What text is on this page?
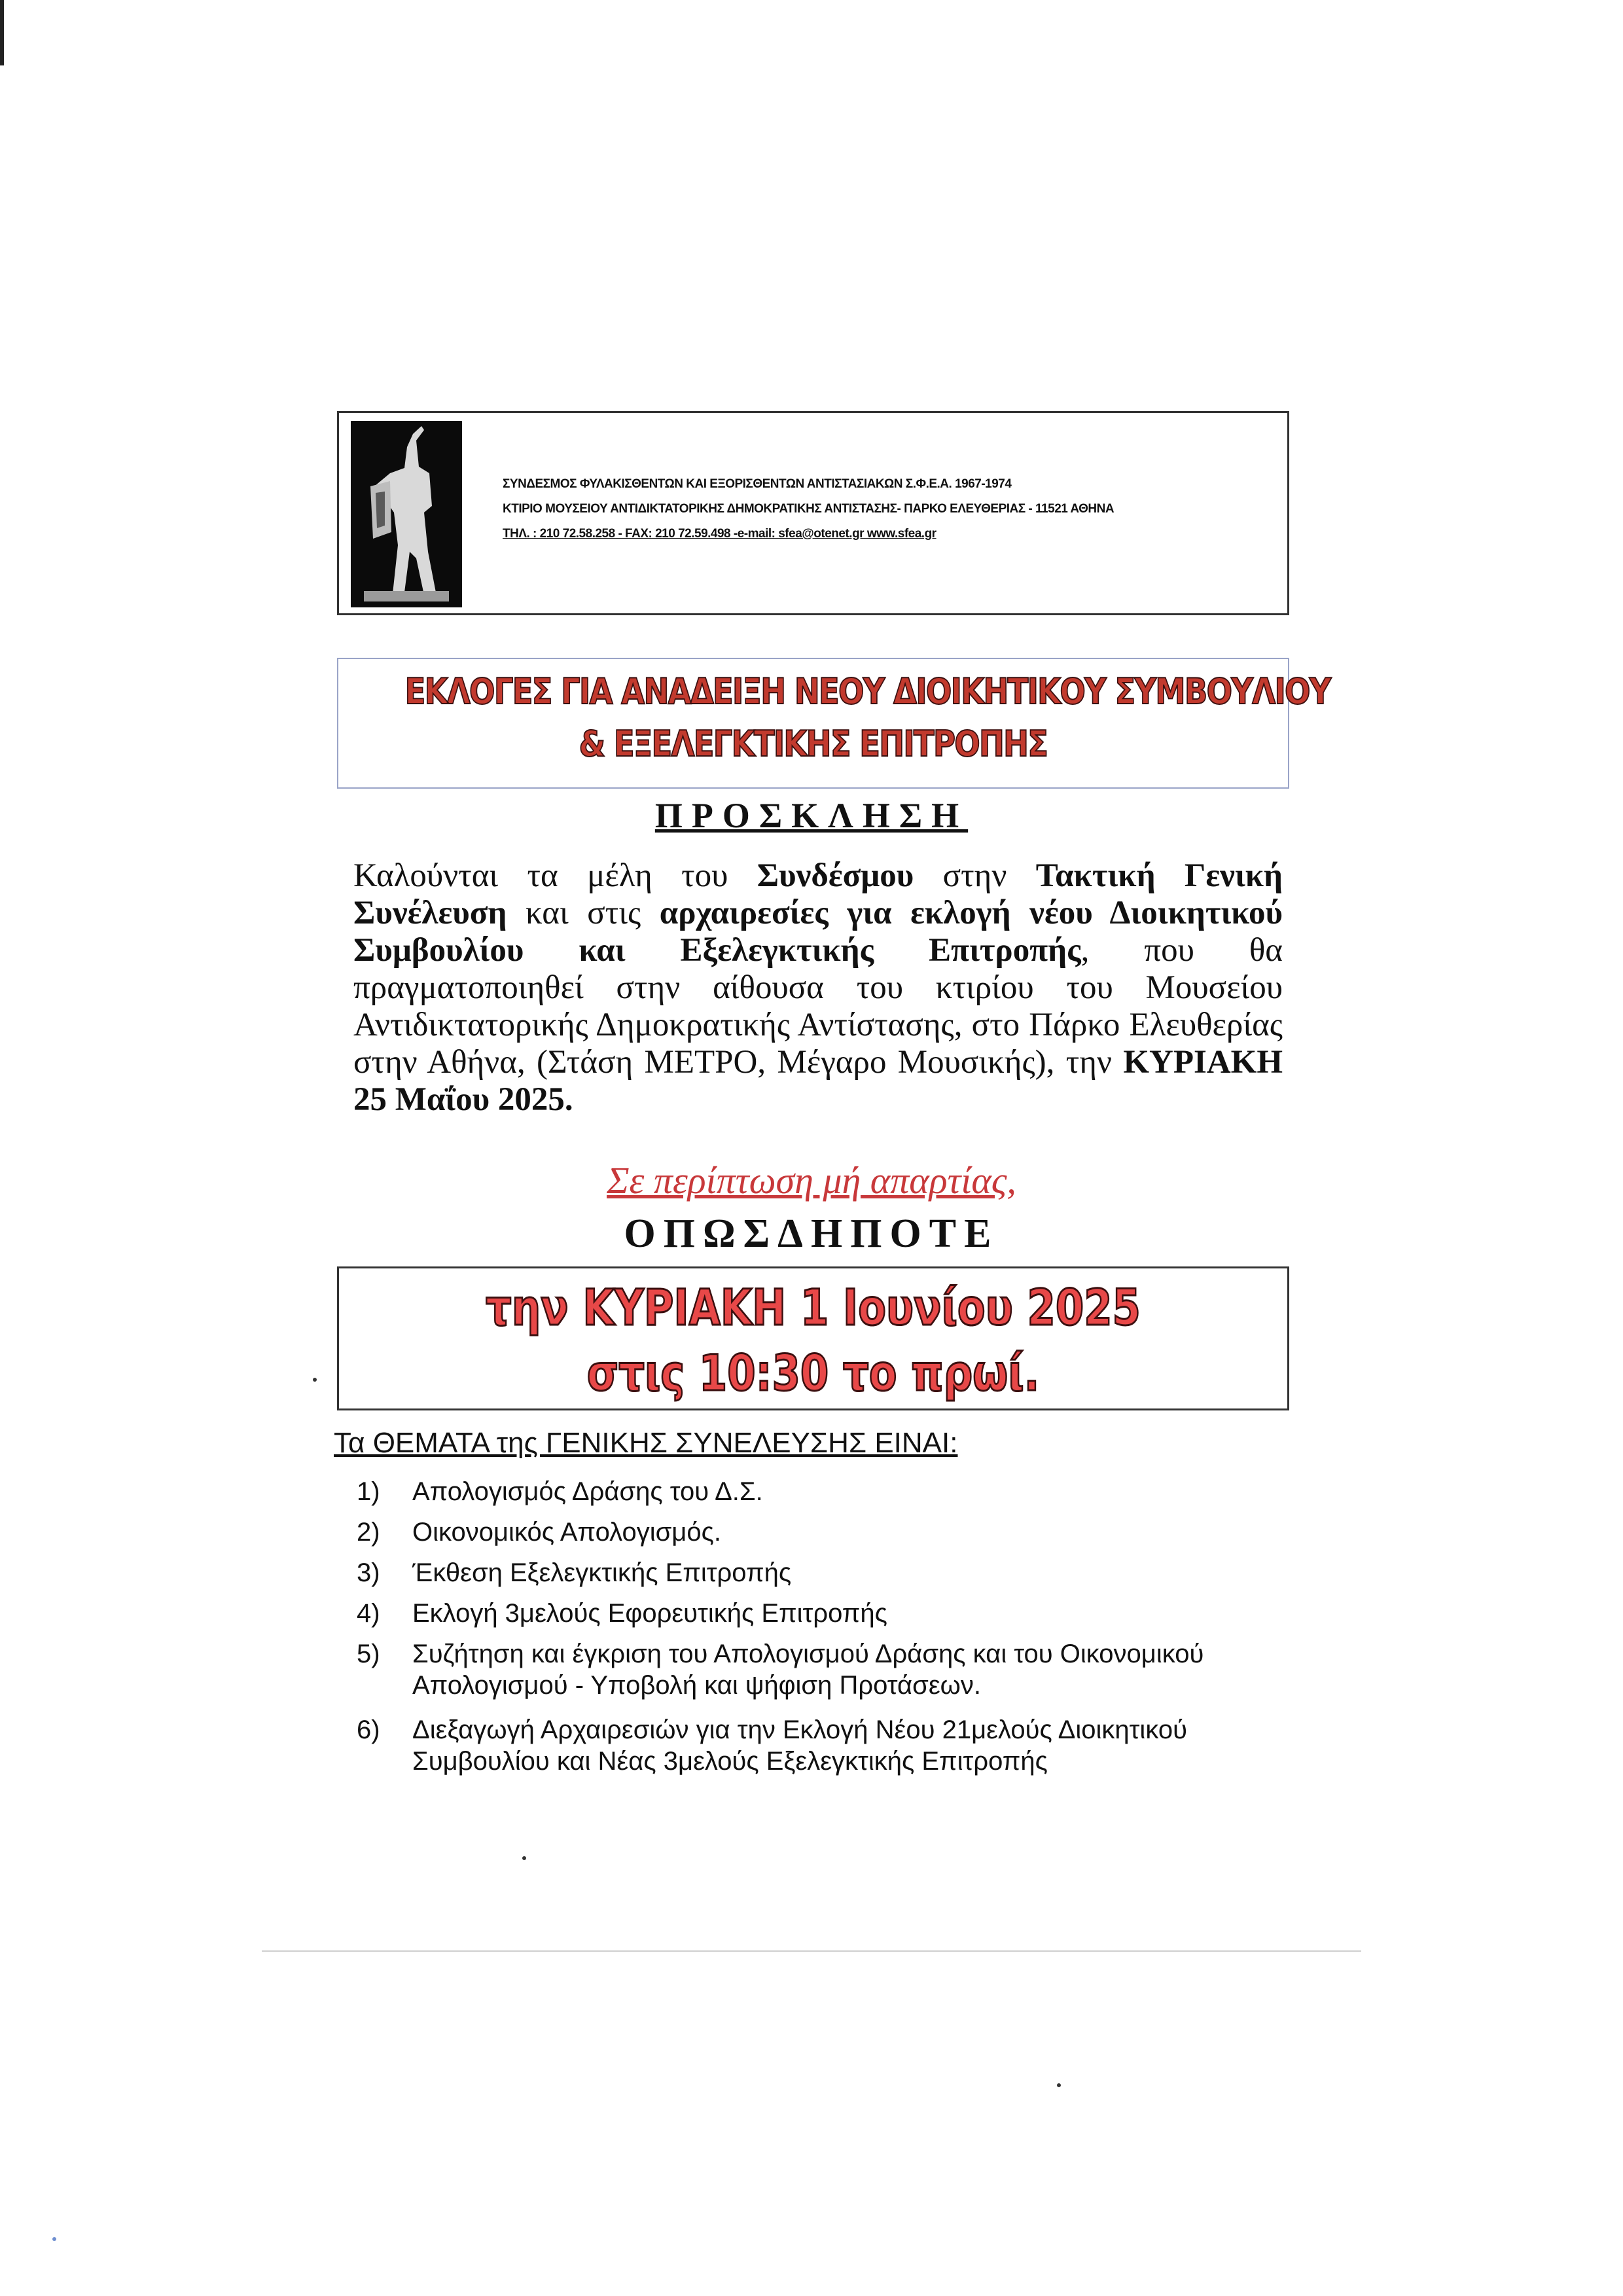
ΣΥΝΔΕΣΜΟΣ ΦΥΛΑΚΙΣΘΕΝΤΩΝ ΚΑΙ ΕΞΟΡΙΣΘΕΝΤΩΝ ΑΝΤΙΣΤΑΣΙΑΚΩΝ Σ.Φ.Ε.Α. 1967-1974
ΚΤΙΡΙΟ ΜΟΥΣΕΙΟΥ ΑΝΤΙΔΙΚΤΑΤΟΡΙΚΗΣ ΔΗΜΟΚΡΑΤΙΚΗΣ ΑΝΤΙΣΤΑΣΗΣ- ΠΑΡΚΟ ΕΛΕΥΘΕΡΙΑΣ - 11521 ΑΘΗΝΑ
ΤΗΛ. : 210 72.58.258 - FAX: 210 72.59.498 -e-mail: sfea@otenet.gr www.sfea.gr
ΕΚΛΟΓΕΣ ΓΙΑ ΑΝΑΔΕΙΞΗ ΝΕΟΥ ΔΙΟΙΚΗΤΙΚΟΥ ΣΥΜΒΟΥΛΙΟΥ
& ΕΞΕΛΕΓΚΤΙΚΗΣ ΕΠΙΤΡΟΠΗΣ
ΠΡΟΣΚΛΗΣΗ
Καλούνται τα μέλη του Συνδέσμου στην Τακτική Γενική Συνέλευση και στις αρχαιρεσίες για εκλογή νέου Διοικητικού Συμβουλίου και Εξελεγκτικής Επιτροπής, που θα πραγματοποιηθεί στην αίθουσα του κτιρίου του Μουσείου Αντιδικτατορικής Δημοκρατικής Αντίστασης, στο Πάρκο Ελευθερίας στην Αθήνα, (Στάση ΜΕΤΡΟ, Μέγαρο Μουσικής), την ΚΥΡΙΑΚΗ 25 Μαΐου 2025.
Σε περίπτωση μή απαρτίας,
ΟΠΩΣΔΗΠΟΤΕ
την ΚΥΡΙΑΚΗ 1 Ιουνίου 2025
στις 10:30 το πρωί.
Τα ΘΕΜΑΤΑ της ΓΕΝΙΚΗΣ ΣΥΝΕΛΕΥΣΗΣ ΕΙΝΑΙ:
1)	Απολογισμός Δράσης του Δ.Σ.
2)	Οικονομικός Απολογισμός.
3)	Έκθεση Εξελεγκτικής Επιτροπής
4)	Εκλογή 3μελούς Εφορευτικής Επιτροπής
5)	Συζήτηση και έγκριση του Απολογισμού Δράσης και του Οικονομικού Απολογισμού - Υποβολή και ψήφιση Προτάσεων.
6)	Διεξαγωγή Αρχαιρεσιών για την Εκλογή Νέου 21μελούς Διοικητικού Συμβουλίου και Νέας 3μελούς Εξελεγκτικής Επιτροπής
